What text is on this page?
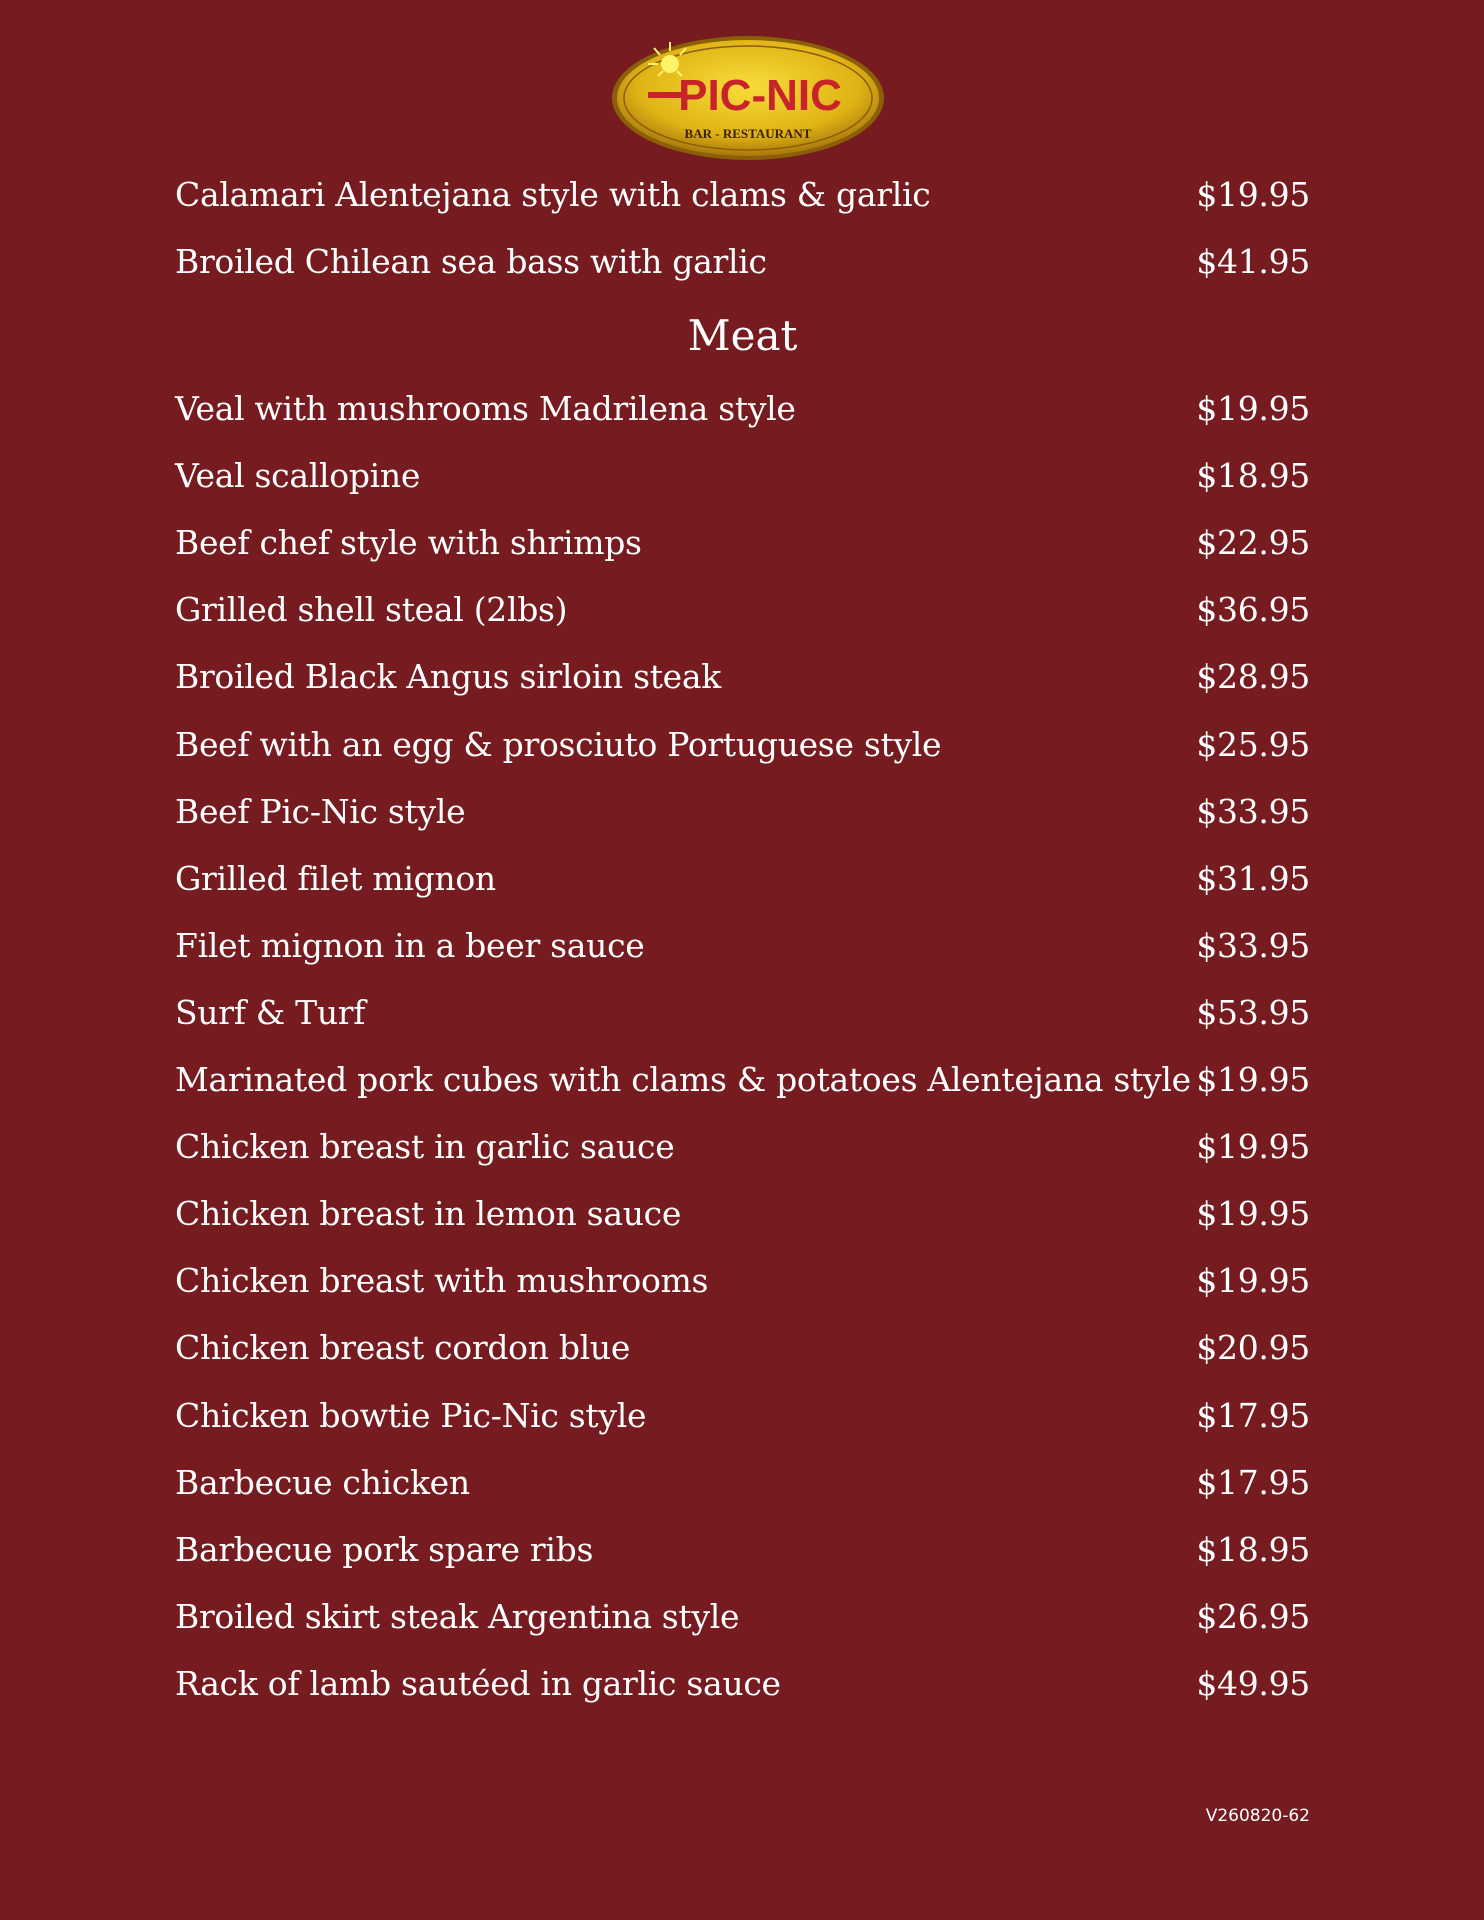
PIC-NIC
BAR - RESTAURANT
Calamari Alentejana style with clams & garlic	$19.95
Broiled Chilean sea bass with garlic	$41.95
Meat
Veal with mushrooms Madrilena style	$19.95
Veal scallopine	$18.95
Beef chef style with shrimps	$22.95
Grilled shell steal (2lbs)	$36.95
Broiled Black Angus sirloin steak	$28.95
Beef with an egg & prosciuto Portuguese style	$25.95
Beef Pic-Nic style	$33.95
Grilled filet mignon	$31.95
Filet mignon in a beer sauce	$33.95
Surf & Turf	$53.95
Marinated pork cubes with clams & potatoes Alentejana style $19.95
Chicken breast in garlic sauce	$19.95
Chicken breast in lemon sauce	$19.95
Chicken breast with mushrooms	$19.95
Chicken breast cordon blue	$20.95
Chicken bowtie Pic-Nic style	$17.95
Barbecue chicken	$17.95
Barbecue pork spare ribs	$18.95
Broiled skirt steak Argentina style	$26.95
Rack of lamb sautéed in garlic sauce	$49.95
V260820-62
